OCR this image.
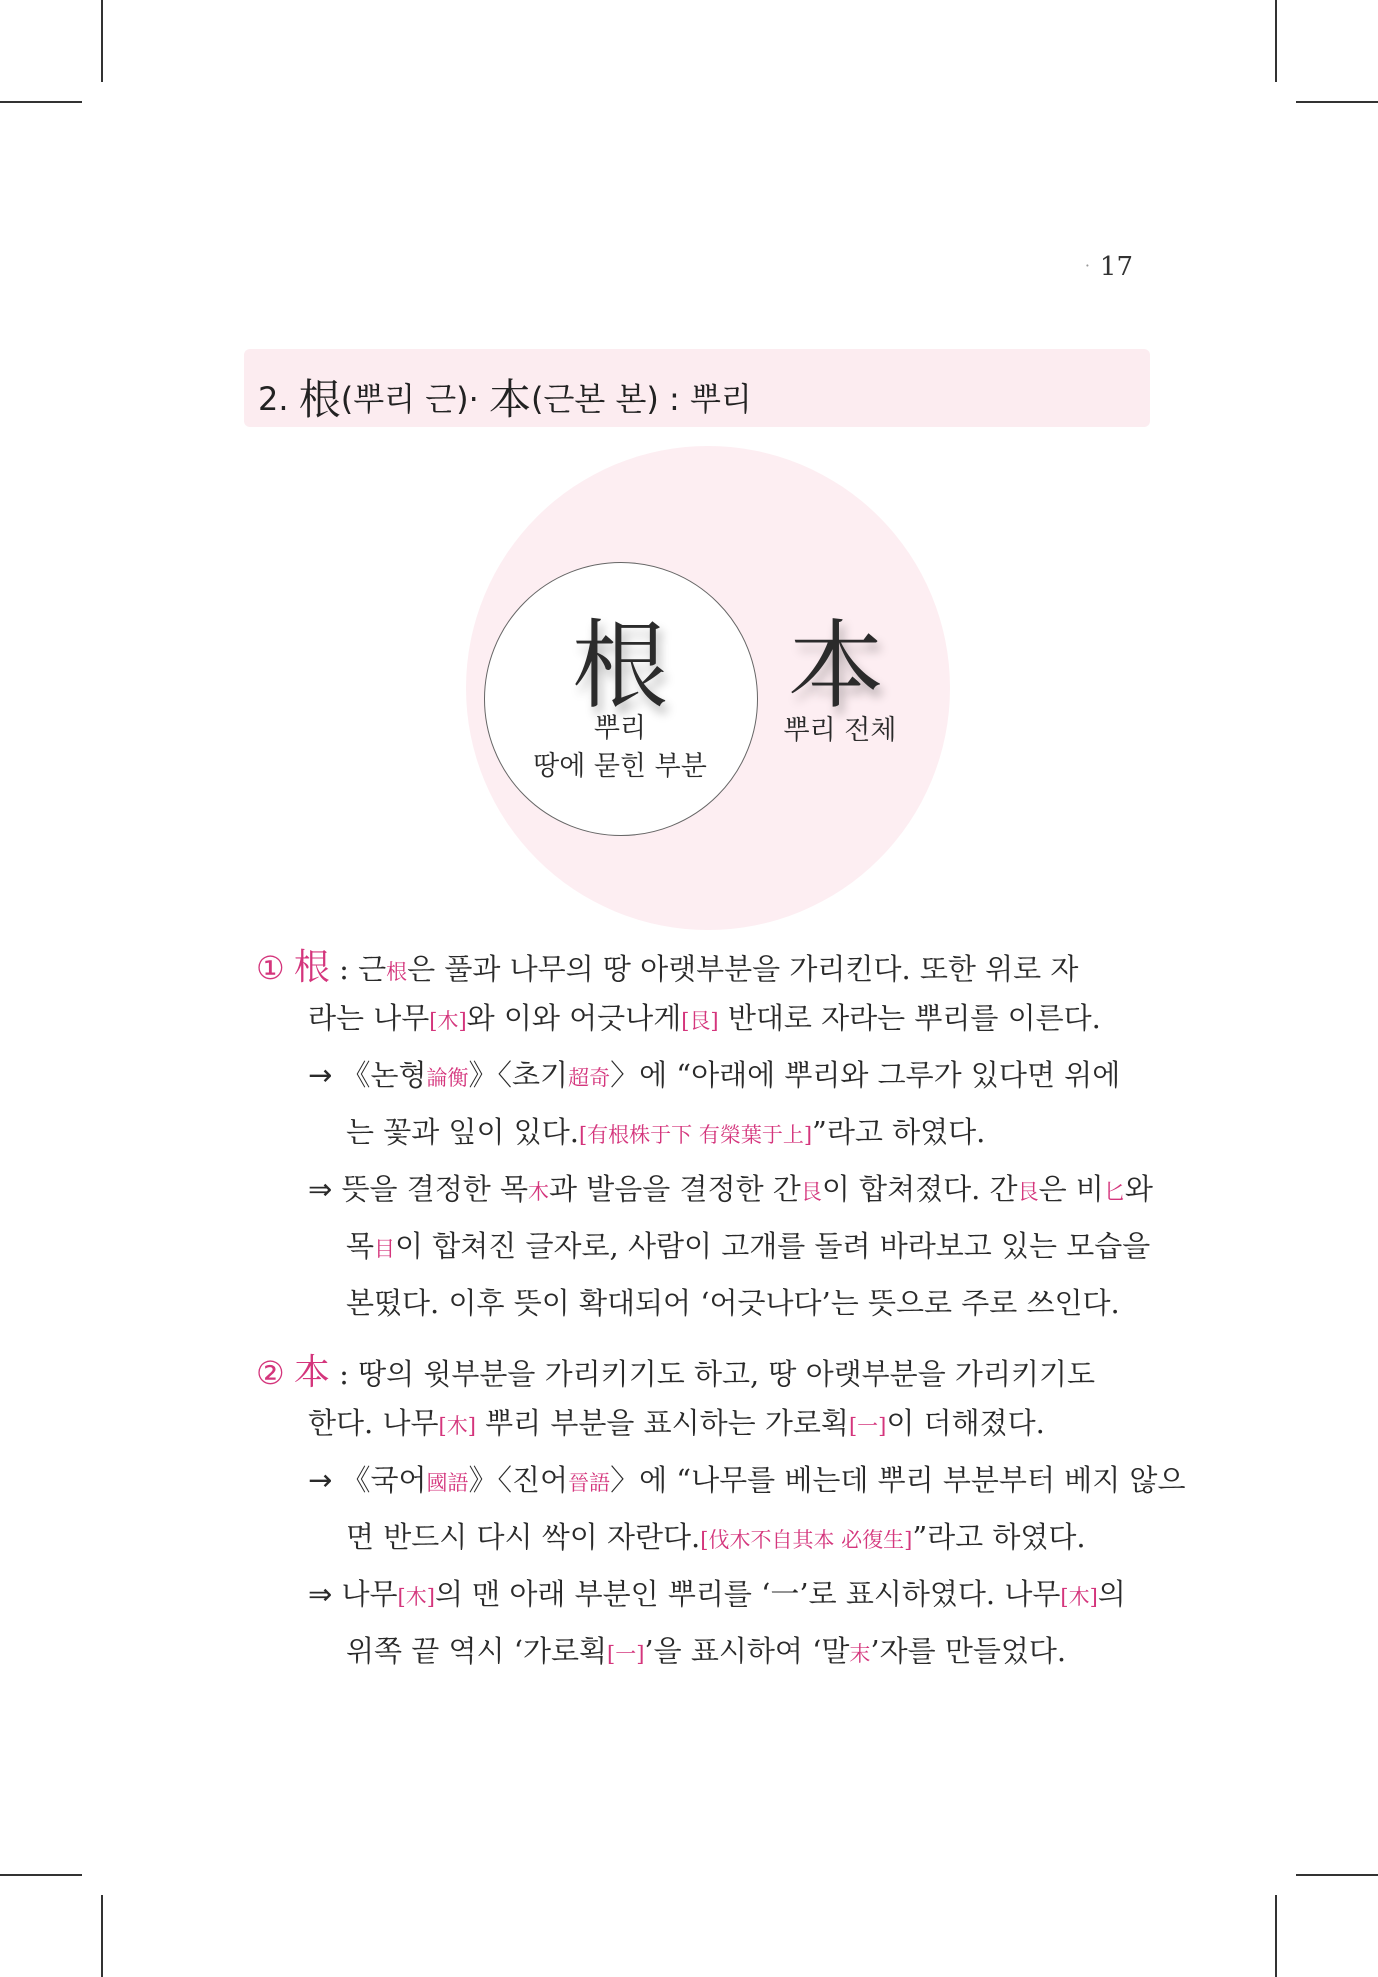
· 17
2. 根(뿌리 근)· 本(근본 본) : 뿌리
根 本
뿌리
땅에 묻힌 부분
뿌리 전체
① 根 : 근根은 풀과 나무의 땅 아랫부분을 가리킨다. 또한 위로 자
라는 나무[木]와 이와 어긋나게[艮] 반대로 자라는 뿌리를 이른다.
→ 《논형論衡》〈초기超奇〉에 “아래에 뿌리와 그루가 있다면 위에
는 꽃과 잎이 있다.[有根株于下 有榮葉于上]”라고 하였다.
⇒ 뜻을 결정한 목木과 발음을 결정한 간艮이 합쳐졌다. 간艮은 비匕와
목目이 합쳐진 글자로, 사람이 고개를 돌려 바라보고 있는 모습을
본떴다. 이후 뜻이 확대되어 ‘어긋나다’는 뜻으로 주로 쓰인다.
② 本 : 땅의 윗부분을 가리키기도 하고, 땅 아랫부분을 가리키기도
한다. 나무[木] 뿌리 부분을 표시하는 가로획[一]이 더해졌다.
→ 《국어國語》〈진어晉語〉에 “나무를 베는데 뿌리 부분부터 베지 않으
면 반드시 다시 싹이 자란다.[伐木不自其本 必復生]”라고 하였다.
⇒ 나무[木]의 맨 아래 부분인 뿌리를 ‘一’로 표시하였다. 나무[木]의
위쪽 끝 역시 ‘가로획[一]’을 표시하여 ‘말末’자를 만들었다.
